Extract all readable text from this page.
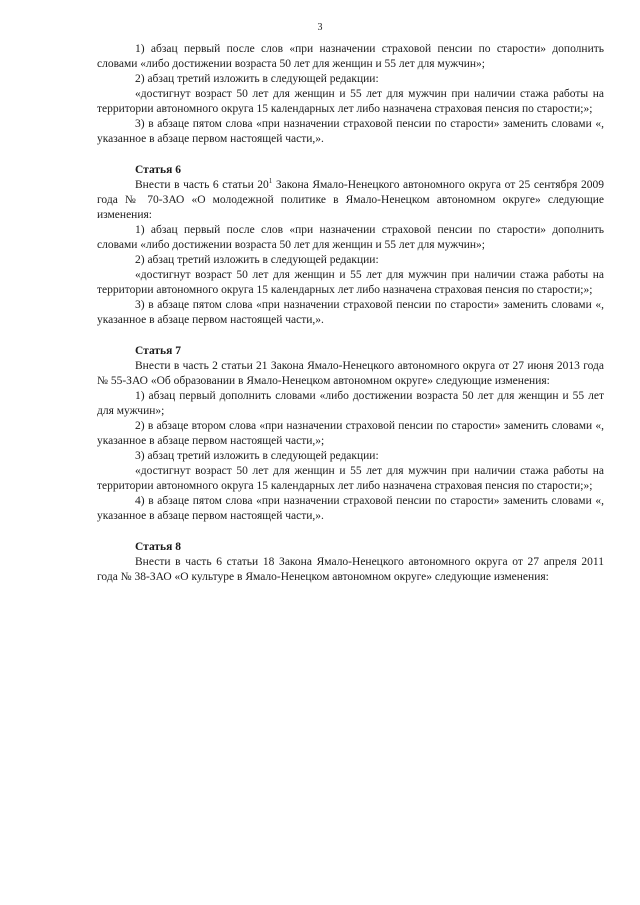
3

1) абзац первый после слов «при назначении страховой пенсии по старости» дополнить словами «либо достижении возраста 50 лет для женщин и 55 лет для мужчин»;

2) абзац третий изложить в следующей редакции:

«достигнут возраст 50 лет для женщин и 55 лет для мужчин при наличии стажа работы на территории автономного округа 15 календарных лет либо назначена страховая пенсия по старости;»;

3) в абзаце пятом слова «при назначении страховой пенсии по старости» заменить словами «, указанное в абзаце первом настоящей части,».

Статья 6

Внести в часть 6 статьи $20^1$ Закона Ямало-Ненецкого автономного округа от 25 сентября 2009 года № 70-ЗАО «О молодежной политике в Ямало-Ненецком автономном округе» следующие изменения:

1) абзац первый после слов «при назначении страховой пенсии по старости» дополнить словами «либо достижении возраста 50 лет для женщин и 55 лет для мужчин»;

2) абзац третий изложить в следующей редакции:

«достигнут возраст 50 лет для женщин и 55 лет для мужчин при наличии стажа работы на территории автономного округа 15 календарных лет либо назначена страховая пенсия по старости;»;

3) в абзаце пятом слова «при назначении страховой пенсии по старости» заменить словами «, указанное в абзаце первом настоящей части,».

Статья 7

Внести в часть 2 статьи 21 Закона Ямало-Ненецкого автономного округа от 27 июня 2013 года № 55-ЗАО «Об образовании в Ямало-Ненецком автономном округе» следующие изменения:

1) абзац первый дополнить словами «либо достижении возраста 50 лет для женщин и 55 лет для мужчин»;

2) в абзаце втором слова «при назначении страховой пенсии по старости» заменить словами «, указанное в абзаце первом настоящей части,»;

3) абзац третий изложить в следующей редакции:

«достигнут возраст 50 лет для женщин и 55 лет для мужчин при наличии стажа работы на территории автономного округа 15 календарных лет либо назначена страховая пенсия по старости;»;

4) в абзаце пятом слова «при назначении страховой пенсии по старости» заменить словами «, указанное в абзаце первом настоящей части,».

Статья 8

Внести в часть 6 статьи 18 Закона Ямало-Ненецкого автономного округа от 27 апреля 2011 года № 38-ЗАО «О культуре в Ямало-Ненецком автономном округе» следующие изменения:
